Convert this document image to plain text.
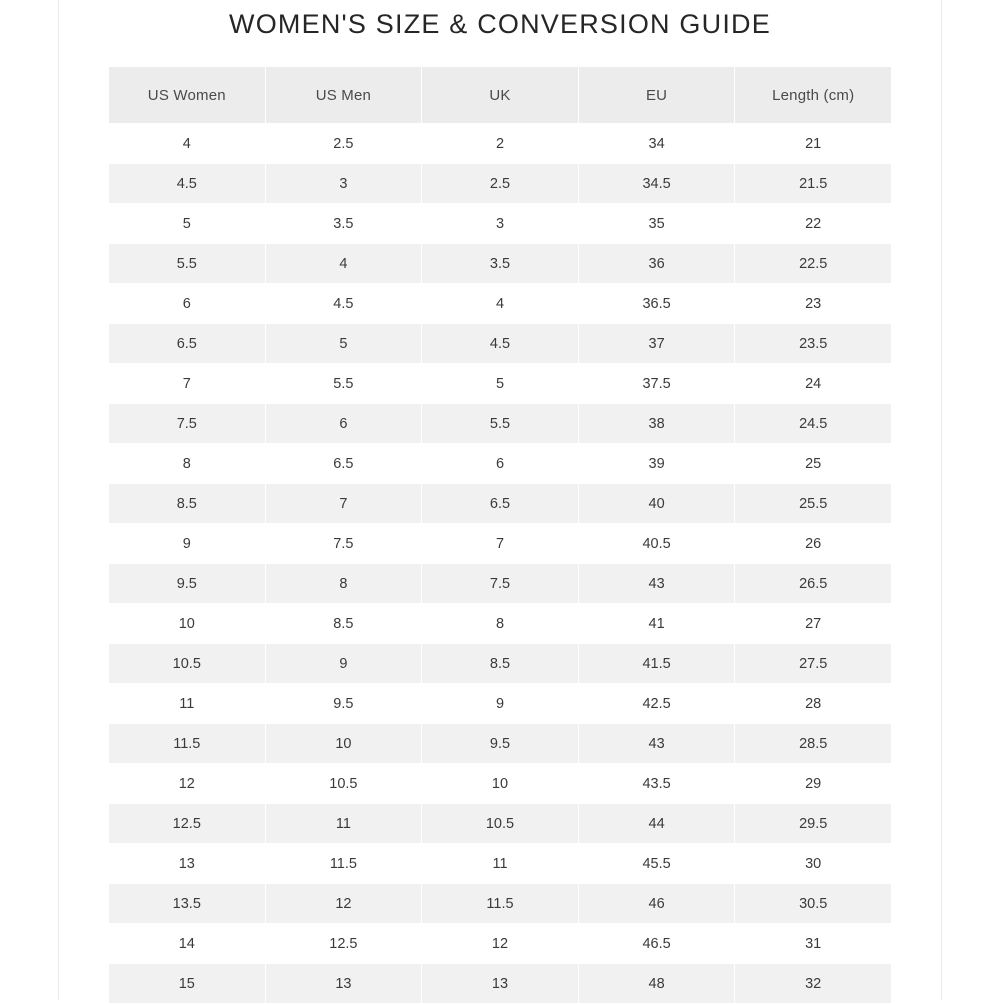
WOMEN'S SIZE & CONVERSION GUIDE
US Women	US Men	UK	EU	Length (cm)
4	2.5	2	34	21
4.5	3	2.5	34.5	21.5
5	3.5	3	35	22
5.5	4	3.5	36	22.5
6	4.5	4	36.5	23
6.5	5	4.5	37	23.5
7	5.5	5	37.5	24
7.5	6	5.5	38	24.5
8	6.5	6	39	25
8.5	7	6.5	40	25.5
9	7.5	7	40.5	26
9.5	8	7.5	43	26.5
10	8.5	8	41	27
10.5	9	8.5	41.5	27.5
11	9.5	9	42.5	28
11.5	10	9.5	43	28.5
12	10.5	10	43.5	29
12.5	11	10.5	44	29.5
13	11.5	11	45.5	30
13.5	12	11.5	46	30.5
14	12.5	12	46.5	31
15	13	13	48	32
